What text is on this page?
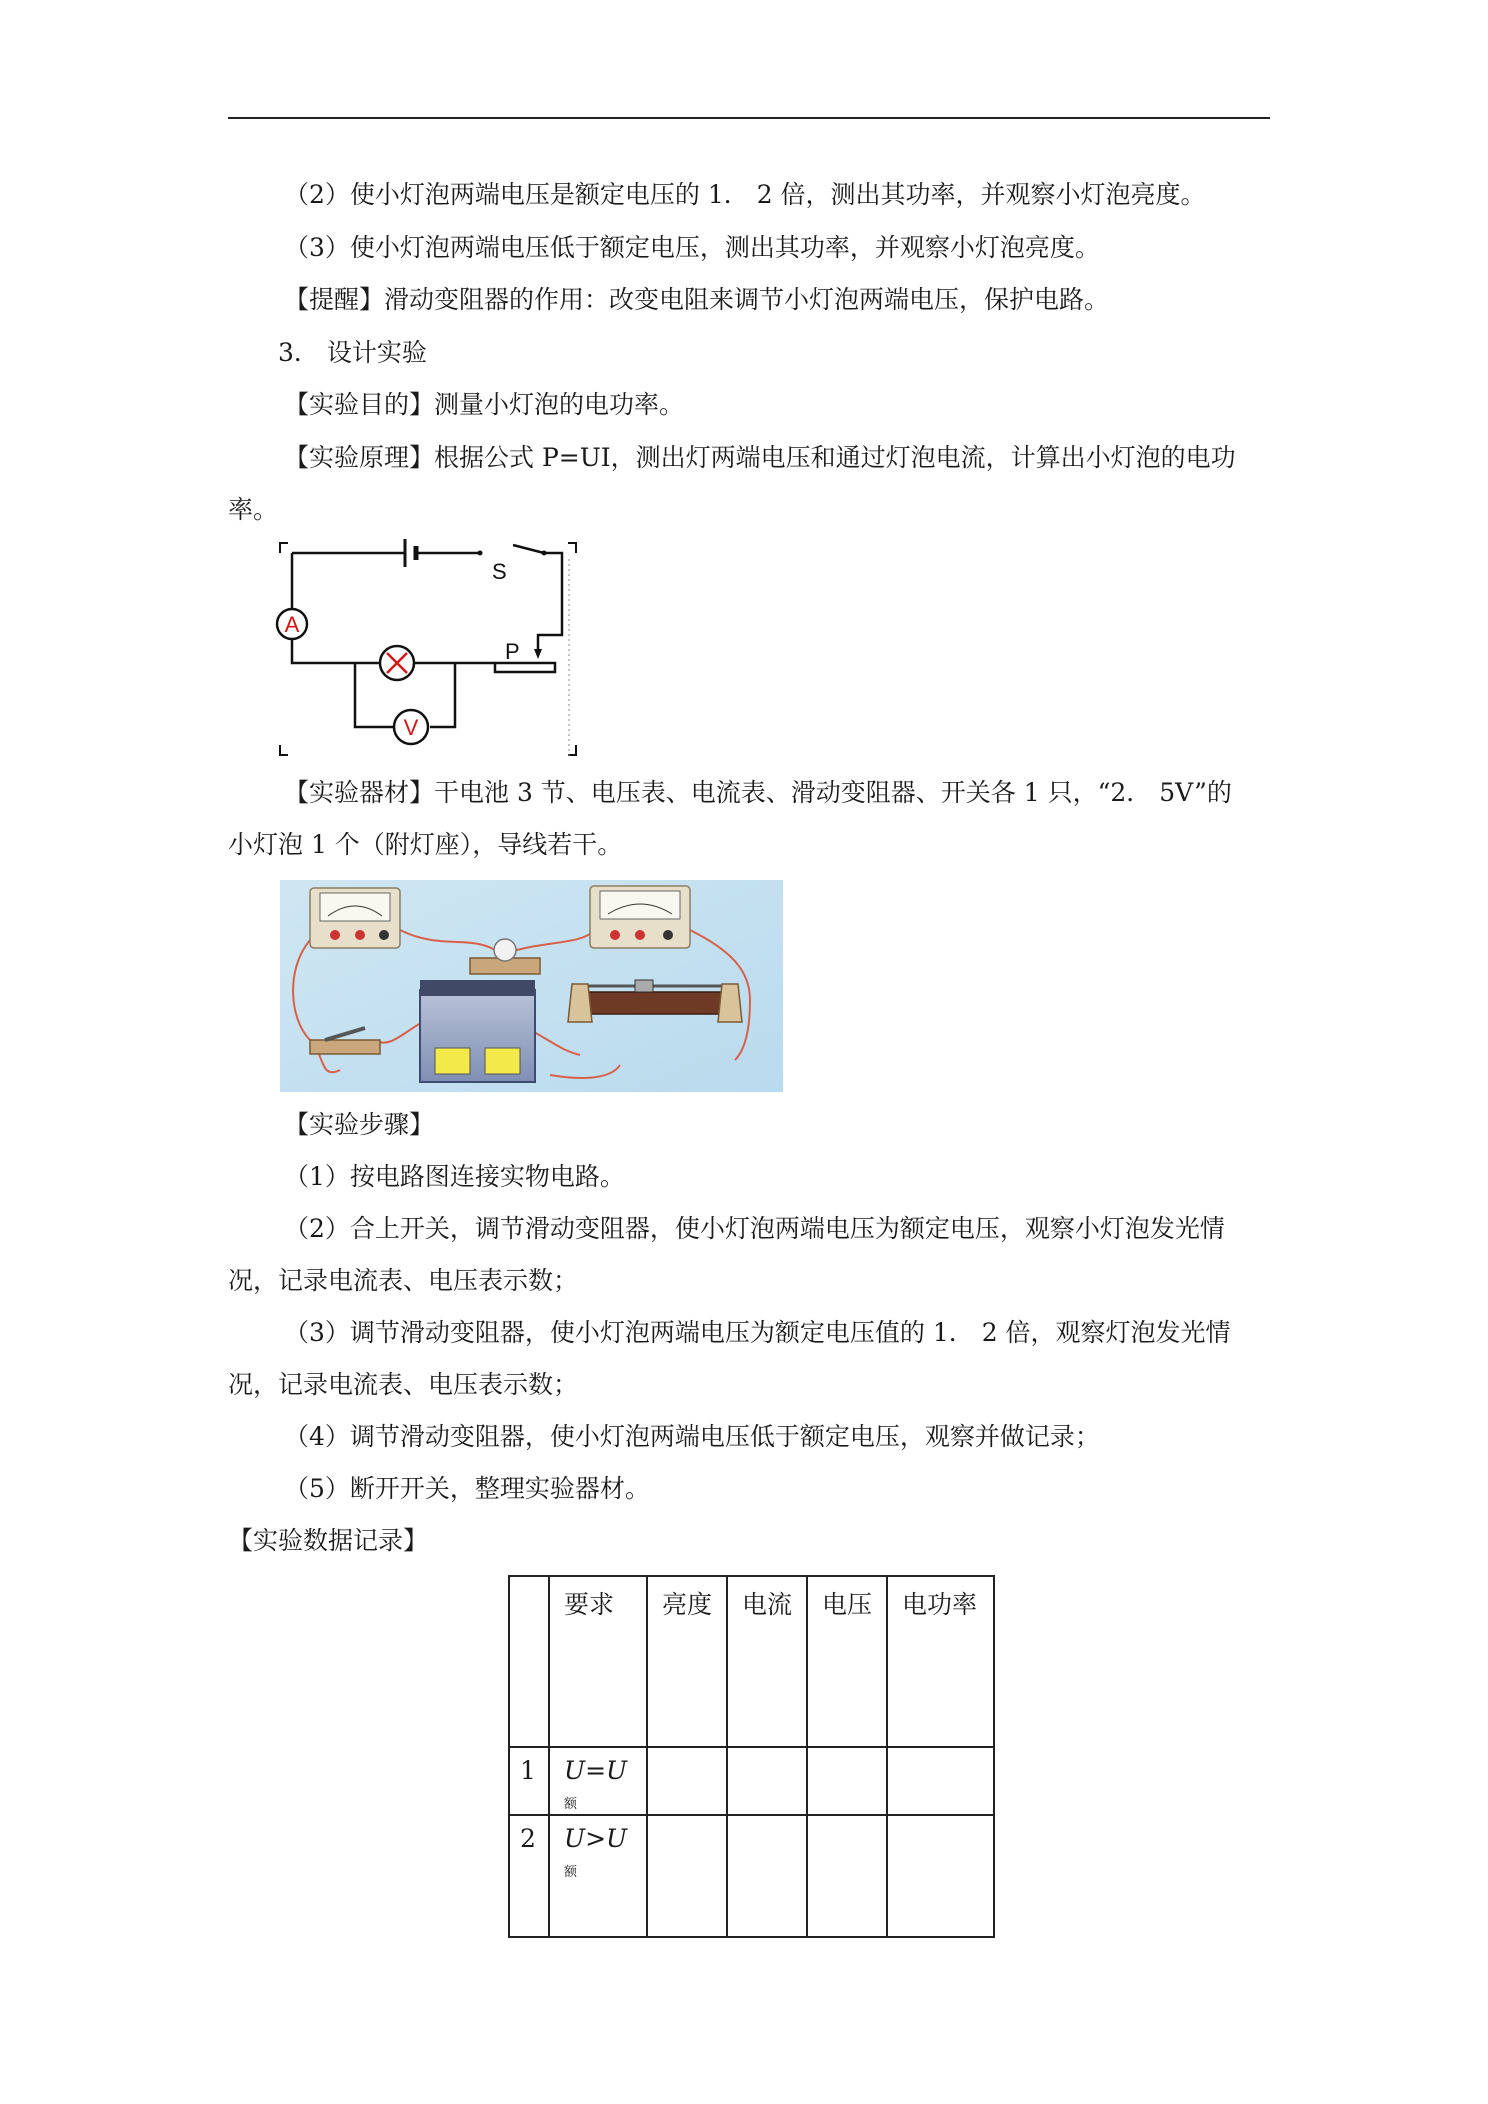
（2）使小灯泡两端电压是额定电压的 1． 2 倍，测出其功率，并观察小灯泡亮度。
（3）使小灯泡两端电压低于额定电压，测出其功率，并观察小灯泡亮度。
【提醒】滑动变阻器的作用：改变电阻来调节小灯泡两端电压，保护电路。
3． 设计实验
【实验目的】测量小灯泡的电功率。
【实验原理】根据公式 P=UI，测出灯两端电压和通过灯泡电流，计算出小灯泡的电功
率。
A
V
S
P
【实验器材】干电池 3 节、电压表、电流表、滑动变阻器、开关各 1 只，“2． 5V”的
小灯泡 1 个（附灯座），导线若干。
【实验步骤】
（1）按电路图连接实物电路。
（2）合上开关，调节滑动变阻器，使小灯泡两端电压为额定电压，观察小灯泡发光情
况，记录电流表、电压表示数；
（3）调节滑动变阻器，使小灯泡两端电压为额定电压值的 1． 2 倍，观察灯泡发光情
况，记录电流表、电压表示数；
（4）调节滑动变阻器，使小灯泡两端电压低于额定电压，观察并做记录；
（5）断开开关，整理实验器材。
【实验数据记录】
	要求	亮度	电流	电压	电功率
1	U=U 额				
2	U>U 额				
